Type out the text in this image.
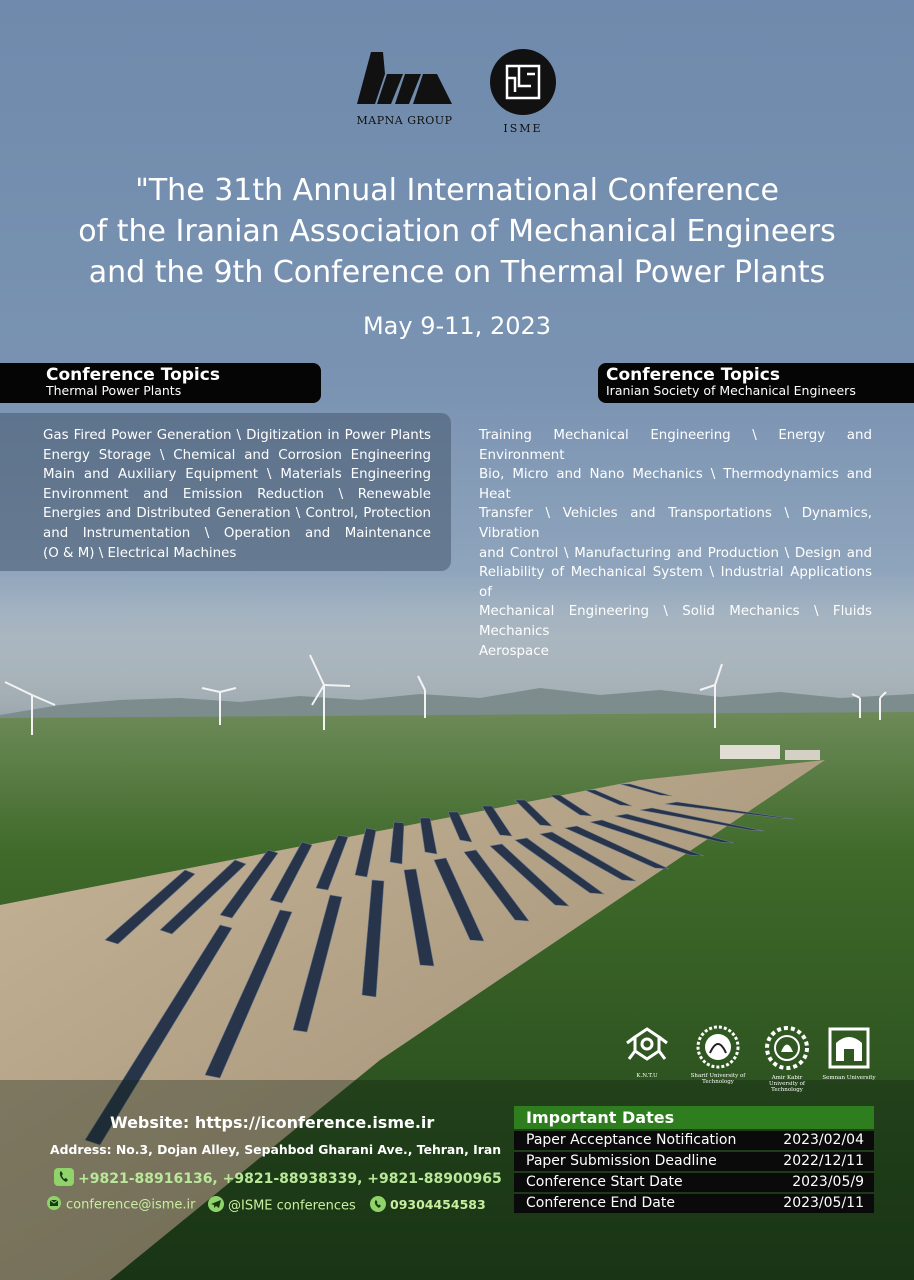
MAPNA GROUP
ISME
"The 31th Annual International Conference
of the Iranian Association of Mechanical Engineers
and the 9th Conference on Thermal Power Plants
May 9-11, 2023
Conference Topics
Thermal Power Plants
Gas Fired Power Generation \ Digitization in Power Plants
Energy Storage \ Chemical and Corrosion Engineering
Main and Auxiliary Equipment \ Materials Engineering
Environment and Emission Reduction \ Renewable
Energies and Distributed Generation \ Control, Protection
and Instrumentation \ Operation and Maintenance
(O & M) \ Electrical Machines
Conference Topics
Iranian Society of Mechanical Engineers
Training Mechanical Engineering \ Energy and Environment
Bio, Micro and Nano Mechanics \ Thermodynamics and Heat
Transfer \ Vehicles and Transportations \ Dynamics, Vibration
and Control \ Manufacturing and Production \ Design and
Reliability of Mechanical System \ Industrial Applications of
Mechanical Engineering \ Solid Mechanics \ Fluids Mechanics
Aerospace
K.N.T.U	Sharif University of Technology
Amir Kabir University of Technology
Semnan University
Website: https://iconference.isme.ir
Address: No.3, Dojan Alley, Sepahbod Gharani Ave., Tehran, Iran
+9821-88916136, +9821-88938339, +9821-88900965
conference@isme.ir	@ISME conferences	09304454583
Important Dates
Paper Acceptance Notification	2023/02/04
Paper Submission Deadline	2022/12/11
Conference Start Date	2023/05/9
Conference End Date	2023/05/11
